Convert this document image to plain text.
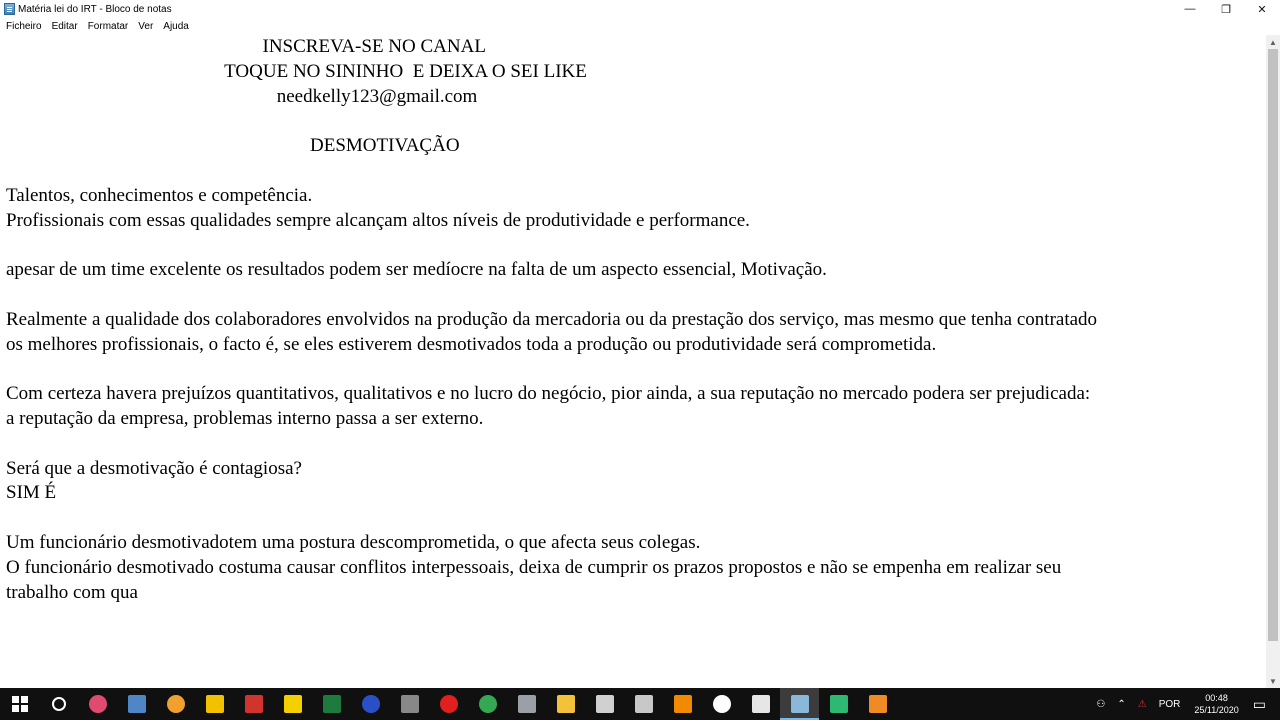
Matéria lei do IRT - Bloco de notas	—	❐	✕
Ficheiro	Editar	Formatar	Ver	Ajuda
INSCREVA-SE NO CANAL
TOQUE NO SININHO  E DEIXA O SEI LIKE
needkelly123@gmail.com

DESMOTIVAÇÃO

Talentos, conhecimentos e competência.
Profissionais com essas qualidades sempre alcançam altos níveis de produtividade e performance.

apesar de um time excelente os resultados podem ser medíocre na falta de um aspecto essencial, Motivação.

Realmente a qualidade dos colaboradores envolvidos na produção da mercadoria ou da prestação dos serviço, mas mesmo que tenha contratado
os melhores profissionais, o facto é, se eles estiverem desmotivados toda a produção ou produtividade será comprometida.

Com certeza havera prejuízos quantitativos, qualitativos e no lucro do negócio, pior ainda, a sua reputação no mercado podera ser prejudicada:
a reputação da empresa, problemas interno passa a ser externo.

Será que a desmotivação é contagiosa?
SIM É

Um funcionário desmotivadotem uma postura descomprometida, o que afecta seus colegas.
O funcionário desmotivado costuma causar conflitos interpessoais, deixa de cumprir os prazos propostos e não se empenha em realizar seu
trabalho com qua
▲
▼
⚇	⌃	⚠	POR
00:48
25/11/2020	▭
